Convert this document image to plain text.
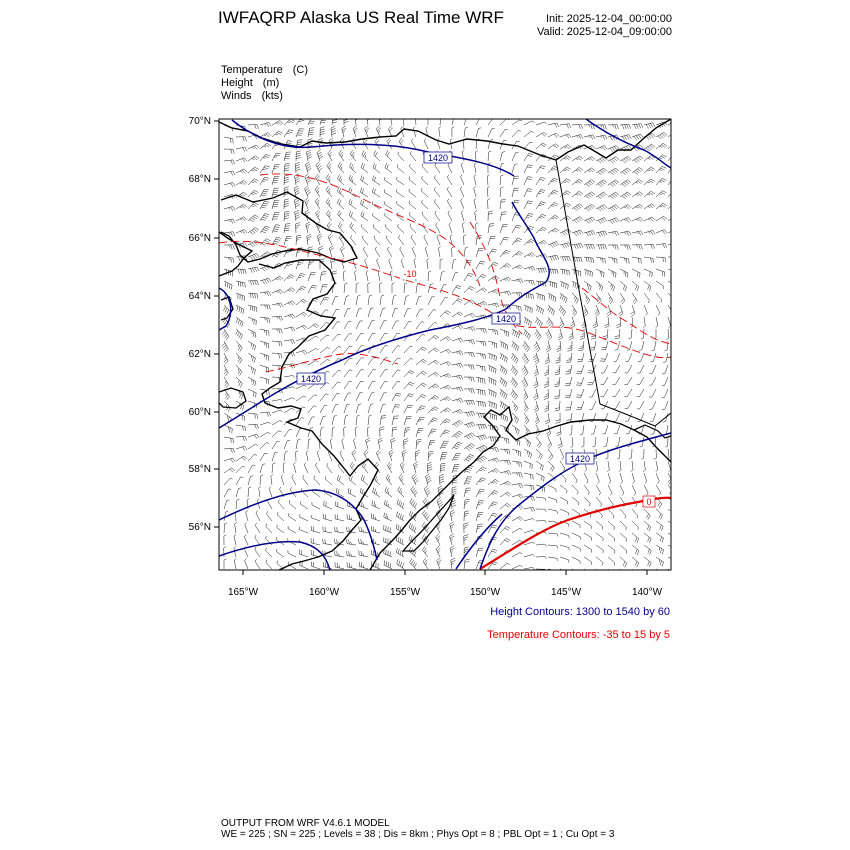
IWFAQRP Alaska US Real Time WRF	Init: 2025-12-04_00:00:00
Valid: 2025-12-04_09:00:00
Temperature (C)
Height (m)
Winds (kts)
1420
1420
1420
1420
-10
0
70°N
68°N
66°N
64°N
62°N
60°N
58°N
56°N
165°W	160°W	155°W	150°W	145°W	140°W
Height Contours: 1300 to 1540 by 60
Temperature Contours: -35 to 15 by 5
OUTPUT FROM WRF V4.6.1 MODEL
WE = 225 ; SN = 225 ; Levels = 38 ; Dis = 8km ; Phys Opt = 8 ; PBL Opt = 1 ; Cu Opt = 3
